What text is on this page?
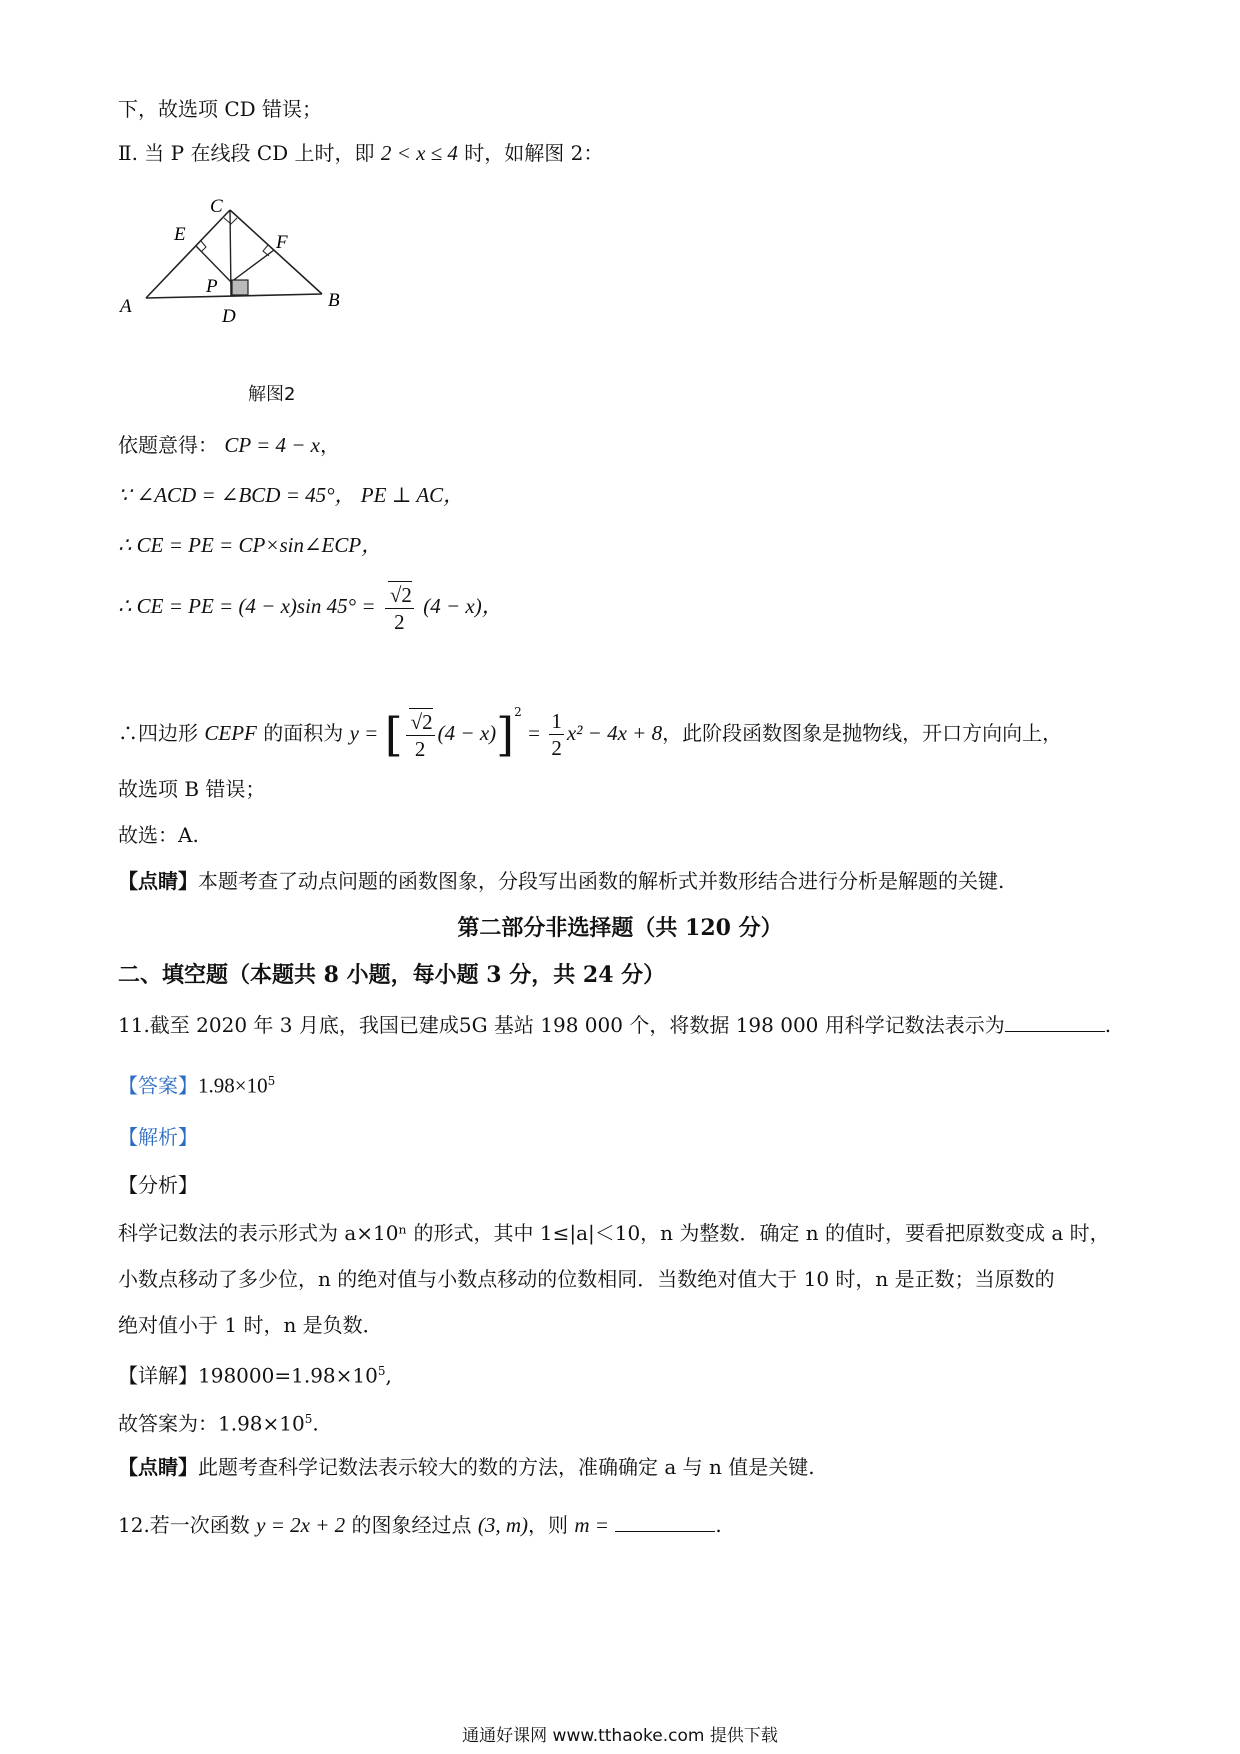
下，故选项 CD 错误；
Ⅱ. 当 P 在线段 CD 上时，即 2 < x ≤ 4 时，如解图 2：
C
E	F
P
A	B
D
解图2
依题意得： CP = 4 − x，
∵ ∠ACD = ∠BCD = 45°， PE ⊥ AC，
∴ CE = PE = CP×sin∠ECP，
∴ CE = PE = (4 − x)sin $45^\circ = \frac{√2}{2} (4 - x)$，
∴四边形 CEPF 的面积为 y = [ $\frac{√2}{2} (4 - x)]^2 = \frac{1}{2} x^2 - 4x + 8$，此阶段函数图象是抛物线，开口方向向上，
故选项 B 错误；
故选：A.
【点睛】本题考查了动点问题的函数图象，分段写出函数的解析式并数形结合进行分析是解题的关键.
第二部分非选择题（共 120 分）
二、填空题（本题共 8 小题，每小题 3 分，共 24 分）
11.截至 2020 年 3 月底，我国已建成5G 基站 198 000 个，将数据 198 000 用科学记数法表示为	.
【答案】$1.98\times 10^5$
【解析】
【分析】
科学记数法的表示形式为 a×10ⁿ 的形式，其中 1≤|a|＜10，n 为整数．确定 n 的值时，要看把原数变成 a 时，
小数点移动了多少位，n 的绝对值与小数点移动的位数相同．当数绝对值大于 10 时，n 是正数；当原数的
绝对值小于 1 时，n 是负数．
【详解】$198000=1.98\times 10^5$,
故答案为：$1.98\times 10^5$.
【点睛】此题考查科学记数法表示较大的数的方法，准确确定 a 与 n 值是关键.
12.若一次函数 y = 2x + 2 的图象经过点 (3, m)，则 m =	.
通通好课网 www.tthaoke.com 提供下载
